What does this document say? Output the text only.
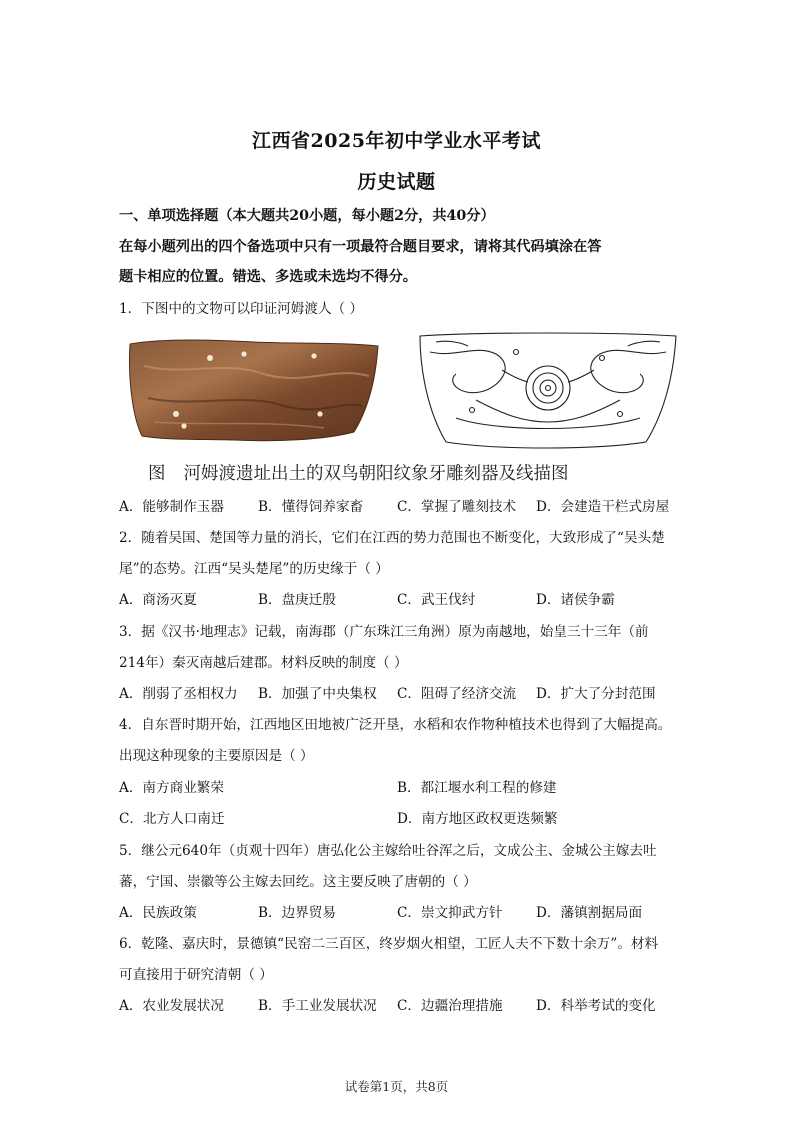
江西省2025年初中学业水平考试
历史试题
一、单项选择题（本大题共20小题，每小题2分，共40分）
在每小题列出的四个备选项中只有一项最符合题目要求，请将其代码填涂在答
题卡相应的位置。错选、多选或未选均不得分。
1．下图中的文物可以印证河姆渡人（ ）
图 河姆渡遗址出土的双鸟朝阳纹象牙雕刻器及线描图
A．能够制作玉器	B．懂得饲养家畜 C．掌握了雕刻技术 D．会建造干栏式房屋
2．随着吴国、楚国等力量的消长，它们在江西的势力范围也不断变化，大致形成了“吴头楚
尾”的态势。江西“吴头楚尾”的历史缘于（ ）
A．商汤灭夏	B．盘庚迁殷	C．武王伐纣	D．诸侯争霸
3．据《汉书·地理志》记载，南海郡（广东珠江三角洲）原为南越地，始皇三十三年（前
214年）秦灭南越后建郡。材料反映的制度（ ）
A．削弱了丞相权力 B．加强了中央集权 C．阻碍了经济交流 D．扩大了分封范围
4．自东晋时期开始，江西地区田地被广泛开垦，水稻和农作物种植技术也得到了大幅提高。
出现这种现象的主要原因是（ ）
A．南方商业繁荣	B．都江堰水利工程的修建
C．北方人口南迁	D．南方地区政权更迭频繁
5．继公元640年（贞观十四年）唐弘化公主嫁给吐谷浑之后，文成公主、金城公主嫁去吐
蕃，宁国、崇徽等公主嫁去回纥。这主要反映了唐朝的（ ）
A．民族政策	B．边界贸易	C．崇文抑武方针 D．藩镇割据局面
6．乾隆、嘉庆时，景德镇“民窑二三百区，终岁烟火相望，工匠人夫不下数十余万”。材料
可直接用于研究清朝（ ）
A．农业发展状况	B．手工业发展状况 C．边疆治理措施 D．科举考试的变化
试卷第1页，共8页
